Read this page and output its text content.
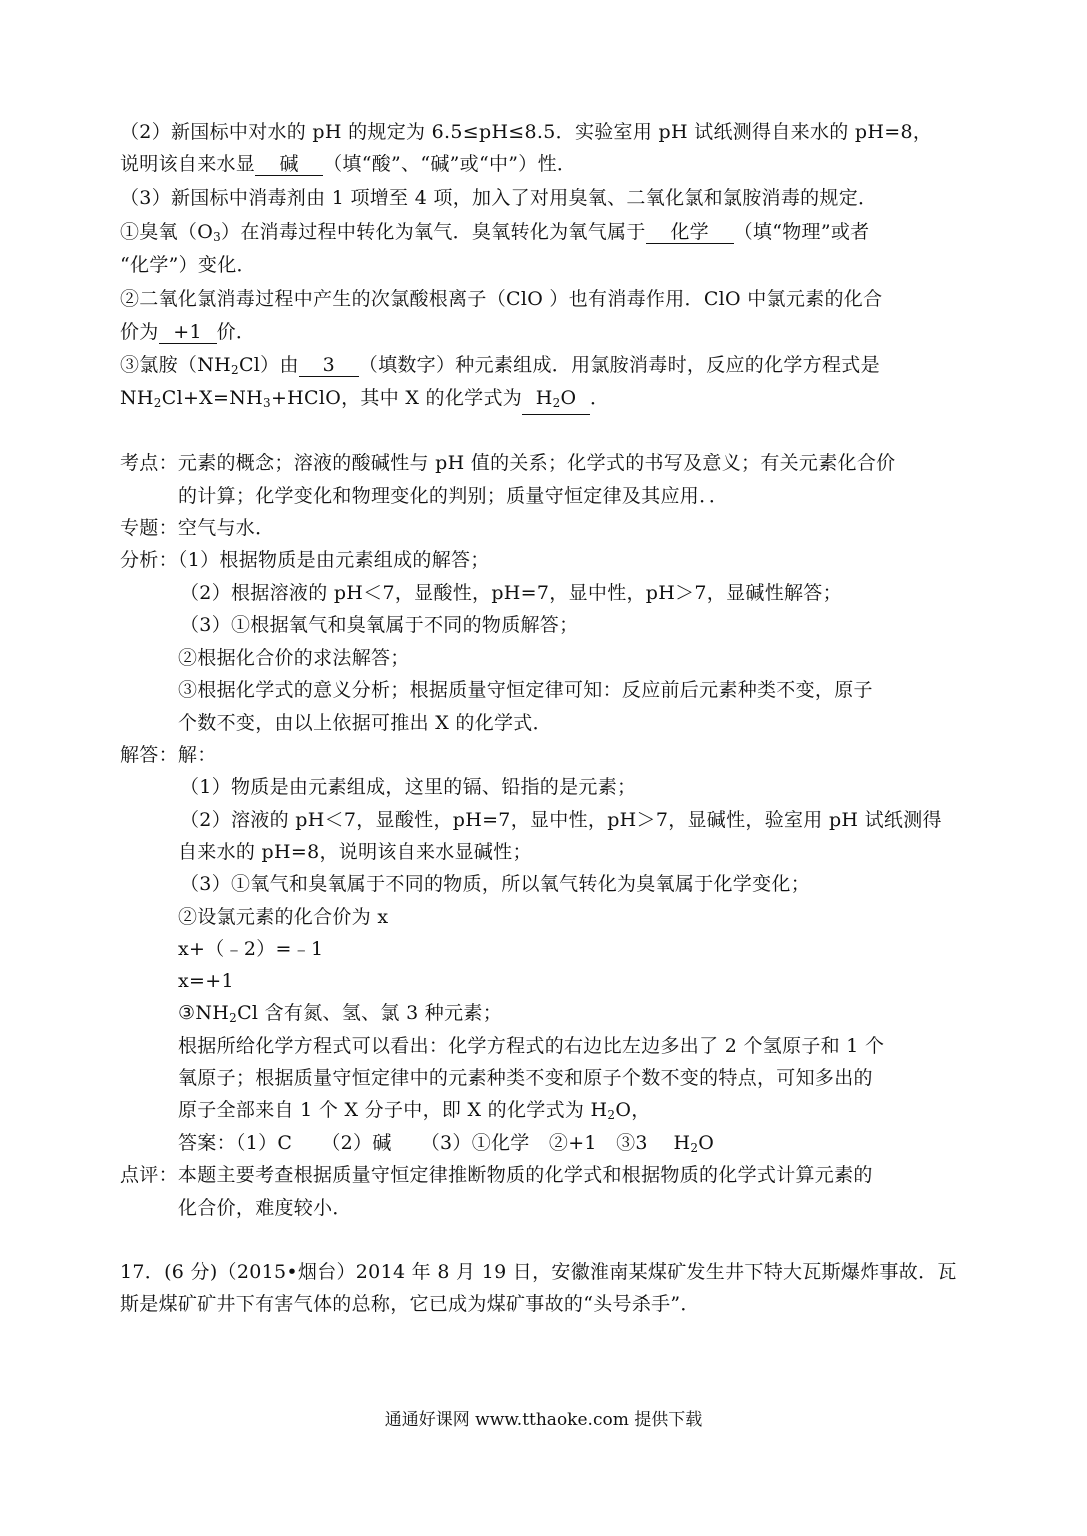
（2）新国标中对水的 pH 的规定为 6.5≤pH≤8.5．实验室用 pH 试纸测得自来水的 pH=8，
说明该自来水显 碱 （填“酸”、“碱”或“中”）性．
（3）新国标中消毒剂由 1 项增至 4 项，加入了对用臭氧、二氧化氯和氯胺消毒的规定．
①臭氧$(O_3)$在消毒过程中转化为氧气．臭氧转化为氧气属于 化学 （填“物理”或者
“化学”）变化．
②二氧化氯消毒过程中产生的次氯酸根离子（ClO ）也有消毒作用．ClO 中氯元素的化合
价为 +1 价．
③氯胺$(NH_2Cl)$由 3 （填数字）种元素组成．用氯胺消毒时，反应的化学方程式是
$NH_2Cl+X=NH_3+HClO$，其中 X 的化学式为 $H_2O$ ．
考点：元素的概念；溶液的酸碱性与 pH 值的关系；化学式的书写及意义；有关元素化合价
的计算；化学变化和物理变化的判别；质量守恒定律及其应用．．
专题：空气与水．
分析：（1）根据物质是由元素组成的解答；
（2）根据溶液的 pH＜7，显酸性，pH=7，显中性，pH＞7，显碱性解答；
（3）①根据氧气和臭氧属于不同的物质解答；
②根据化合价的求法解答；
③根据化学式的意义分析；根据质量守恒定律可知：反应前后元素种类不变，原子
个数不变，由以上依据可推出 X 的化学式．
解答：解：
（1）物质是由元素组成，这里的镉、铅指的是元素；
（2）溶液的 pH＜7，显酸性，pH=7，显中性，pH＞7，显碱性，验室用 pH 试纸测得
自来水的 pH=8，说明该自来水显碱性；
（3）①氧气和臭氧属于不同的物质，所以氧气转化为臭氧属于化学变化；
②设氯元素的化合价为 x
x+（﹣2）=﹣1
x=+1
$③NH_2Cl$ 含有氮、氢、氯 3 种元素；
根据所给化学方程式可以看出：化学方程式的右边比左边多出了 2 个氢原子和 1 个
氧原子；根据质量守恒定律中的元素种类不变和原子个数不变的特点，可知多出的
原子全部来自 1 个 X 分子中，即 X 的化学式为 $H_2O$，
答案：（1）C　　（2）碱　　（3）①化学　②+1　③3　 $H_2O$
点评：本题主要考查根据质量守恒定律推断物质的化学式和根据物质的化学式计算元素的
化合价，难度较小．
17．(6 分)（2015•烟台）2014 年 8 月 19 日，安徽淮南某煤矿发生井下特大瓦斯爆炸事故．瓦
斯是煤矿矿井下有害气体的总称，它已成为煤矿事故的“头号杀手”．
通通好课网 www.tthaoke.com 提供下载
